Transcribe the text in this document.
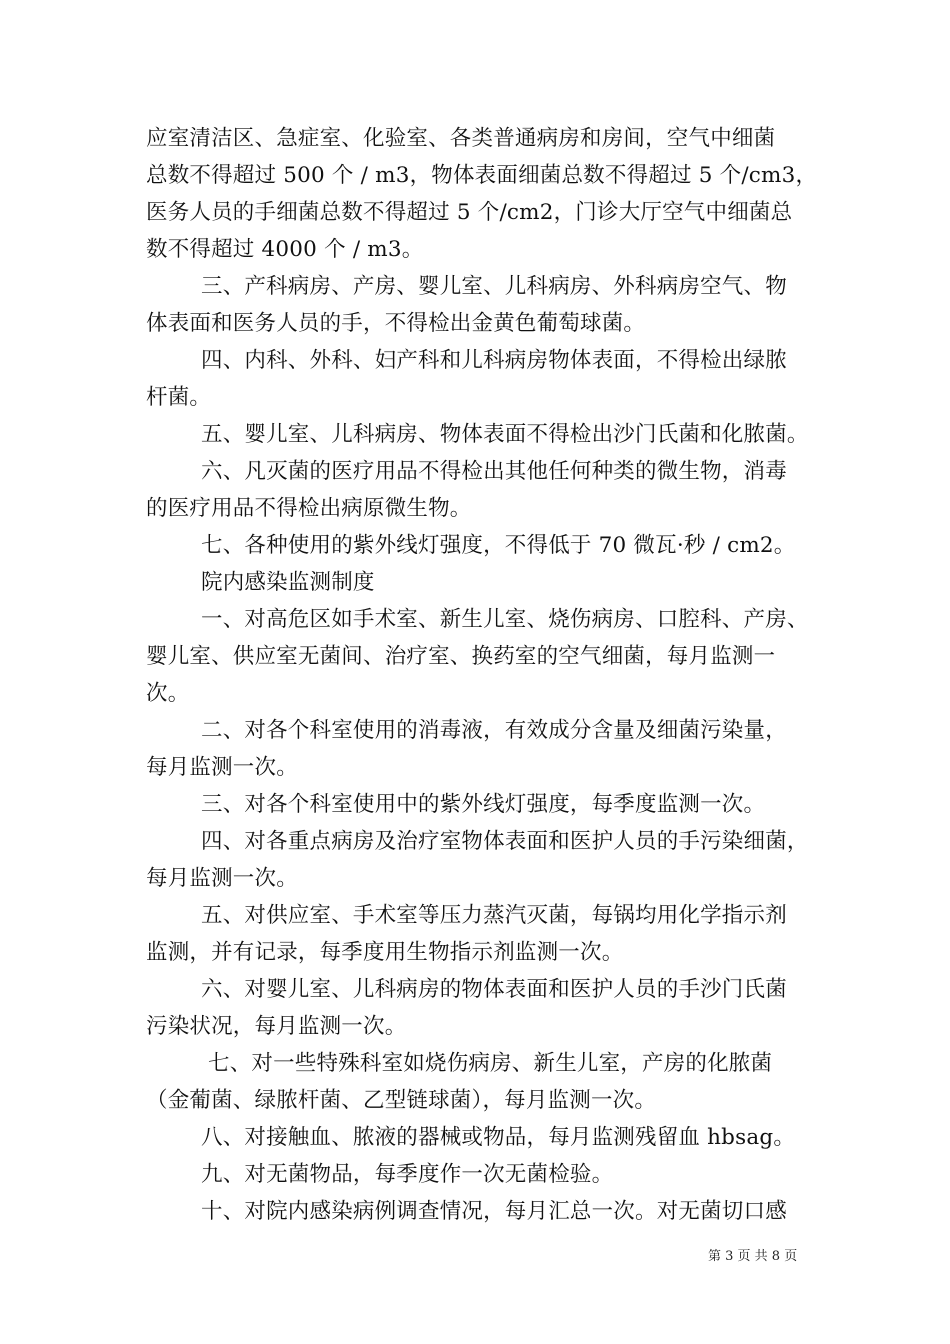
应室清洁区、急症室、化验室、各类普通病房和房间，空气中细菌
总数不得超过 500 个 / m3，物体表面细菌总数不得超过 5 个/cm3，
医务人员的手细菌总数不得超过 5 个/cm2，门诊大厅空气中细菌总
数不得超过 4000 个 / m3。
三、产科病房、产房、婴儿室、儿科病房、外科病房空气、物
体表面和医务人员的手，不得检出金黄色葡萄球菌。
四、内科、外科、妇产科和儿科病房物体表面，不得检出绿脓
杆菌。
五、婴儿室、儿科病房、物体表面不得检出沙门氏菌和化脓菌。
六、凡灭菌的医疗用品不得检出其他任何种类的微生物，消毒
的医疗用品不得检出病原微生物。
七、各种使用的紫外线灯强度，不得低于 70 微瓦·秒 / cm2。
院内感染监测制度
一、对高危区如手术室、新生儿室、烧伤病房、口腔科、产房、
婴儿室、供应室无菌间、治疗室、换药室的空气细菌，每月监测一
次。
二、对各个科室使用的消毒液，有效成分含量及细菌污染量，
每月监测一次。
三、对各个科室使用中的紫外线灯强度，每季度监测一次。
四、对各重点病房及治疗室物体表面和医护人员的手污染细菌，
每月监测一次。
五、对供应室、手术室等压力蒸汽灭菌，每锅均用化学指示剂
监测，并有记录，每季度用生物指示剂监测一次。
六、对婴儿室、儿科病房的物体表面和医护人员的手沙门氏菌
污染状况，每月监测一次。
七、对一些特殊科室如烧伤病房、新生儿室，产房的化脓菌
（金葡菌、绿脓杆菌、乙型链球菌），每月监测一次。
八、对接触血、脓液的器械或物品，每月监测残留血 hbsag。
九、对无菌物品，每季度作一次无菌检验。
十、对院内感染病例调查情况，每月汇总一次。对无菌切口感
第 3 页 共 8 页
